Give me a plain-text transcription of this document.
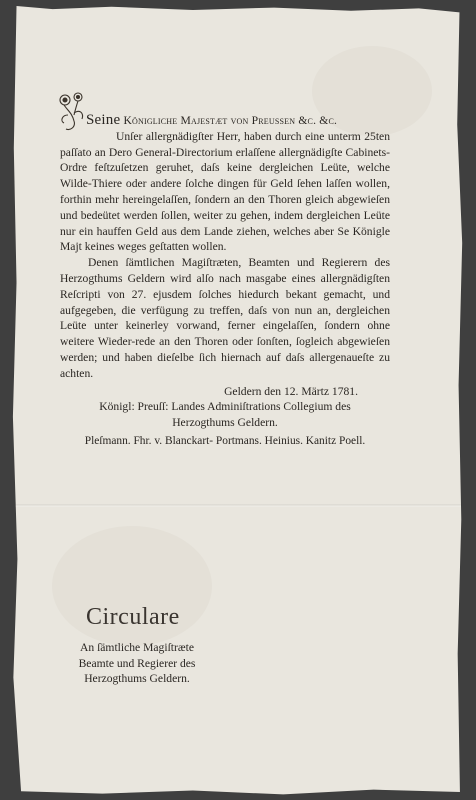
Seine Königliche Majestæt von Preussen &c. &c.

Unſer allergnädigſter Herr, haben durch eine unterm 25ten paſſato an Dero General-Directorium erlaſſene allergnädigſte Cabinets-Ordre feſtzuſetzen geruhet, daſs keine dergleichen Leüte, welche Wilde-Thiere oder andere ſolche dingen für Geld ſehen laſſen wollen, forthin mehr hereingelaſſen, ſondern an den Thoren gleich abgewieſen und bedeütet werden ſollen, weiter zu gehen, indem dergleichen Leüte nur ein hauffen Geld aus dem Lande ziehen, welches aber Se Königle Majt keines weges geſtatten wollen.

Denen ſämtlichen Magiſtræten, Beamten und Regierern des Herzogthums Geldern wird alſo nach masgabe eines allergnädigſten Reſcripti von 27. ejusdem ſolches hiedurch bekant gemacht, und aufgegeben, die verfügung zu treffen, daſs von nun an, dergleichen Leüte unter keinerley vorwand, ferner eingelaſſen, ſondern ohne weitere Wieder-rede an den Thoren oder ſonſten, ſogleich abgewieſen werden; und haben dieſelbe ſich hiernach auf daſs allergenaueſte zu achten.

Geldern den 12. Märtz 1781.
Königl: Preuſſ: Landes Adminiſtrations Collegium des
Herzogthums Geldern.
Pleſmann. Fhr. v. Blanckart- Portmans. Heinius. Kanitz Poell.
Circulare
An ſämtliche Magiſtræte Beamte und Regierer des Herzogthums Geldern.
